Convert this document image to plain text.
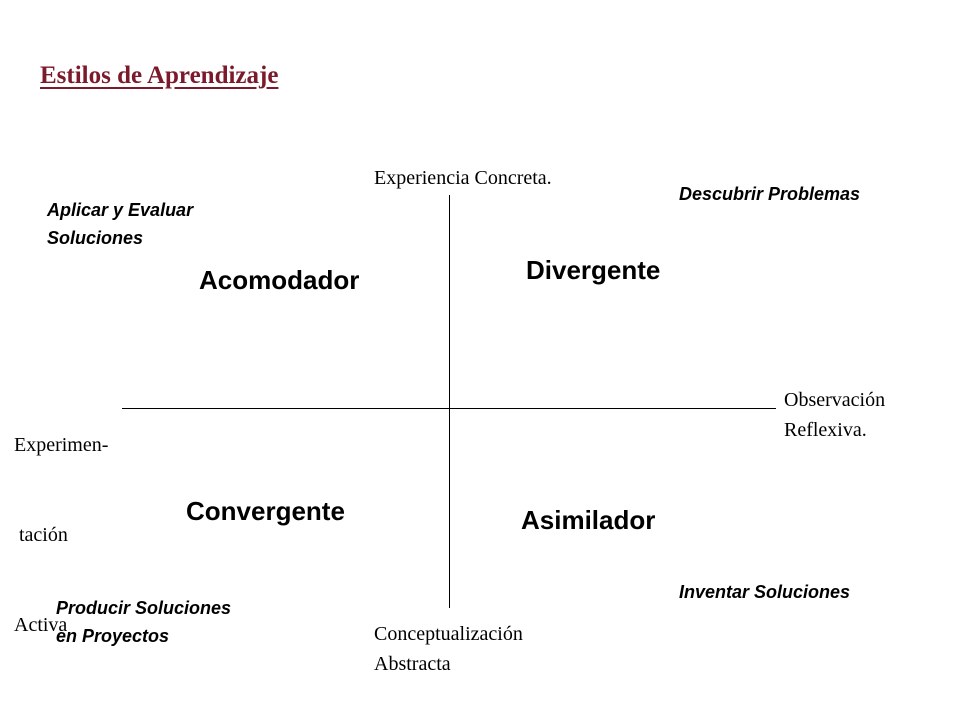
Estilos de Aprendizaje
Experiencia Concreta.
Conceptualización
Abstracta

Experimen-

tación

Activa

Observación
Reflexiva.
Acomodador	Divergente
Convergente	Asimilador
Aplicar y Evaluar
Soluciones
Descubrir Problemas
Producir Soluciones
en Proyectos
Inventar Soluciones
